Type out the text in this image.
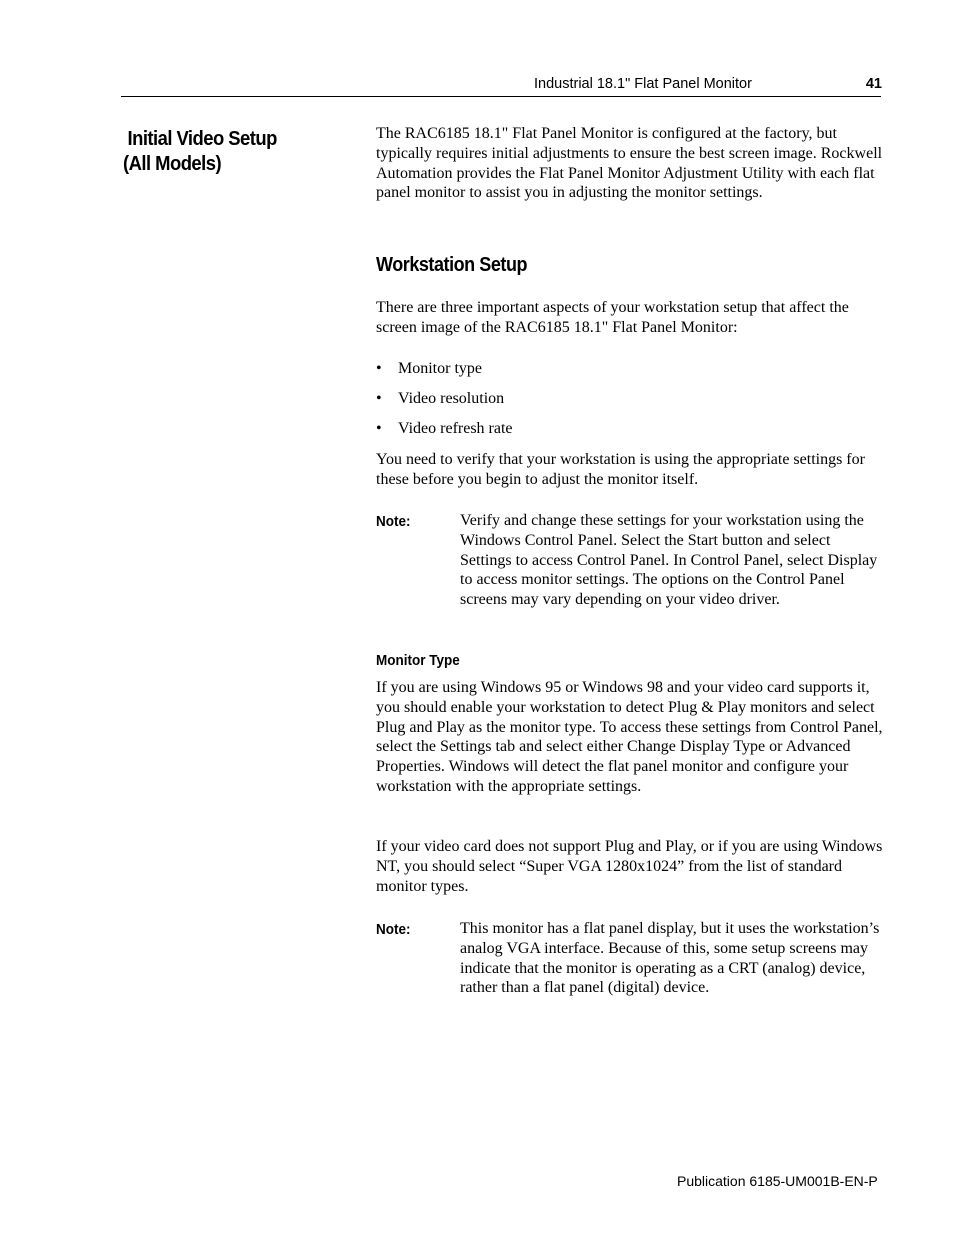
Industrial 18.1" Flat Panel Monitor	41
Initial Video Setup
(All Models)

The RAC6185 18.1" Flat Panel Monitor is configured at the factory, but typically requires initial adjustments to ensure the best screen image. Rockwell Automation provides the Flat Panel Monitor Adjustment Utility with each flat panel monitor to assist you in adjusting the monitor settings.

Workstation Setup

There are three important aspects of your workstation setup that affect the screen image of the RAC6185 18.1" Flat Panel Monitor:

• Monitor type
• Video resolution
• Video refresh rate

You need to verify that your workstation is using the appropriate settings for these before you begin to adjust the monitor itself.

Note:	Verify and change these settings for your workstation using the Windows Control Panel. Select the Start button and select Settings to access Control Panel. In Control Panel, select Display to access monitor settings. The options on the Control Panel screens may vary depending on your video driver.

Monitor Type

If you are using Windows 95 or Windows 98 and your video card supports it, you should enable your workstation to detect Plug & Play monitors and select Plug and Play as the monitor type. To access these settings from Control Panel, select the Settings tab and select either Change Display Type or Advanced Properties. Windows will detect the flat panel monitor and configure your workstation with the appropriate settings.

If your video card does not support Plug and Play, or if you are using Windows NT, you should select “Super VGA 1280x1024” from the list of standard monitor types.

Note:	This monitor has a flat panel display, but it uses the workstation’s analog VGA interface. Because of this, some setup screens may indicate that the monitor is operating as a CRT (analog) device, rather than a flat panel (digital) device.

Publication 6185-UM001B-EN-P
